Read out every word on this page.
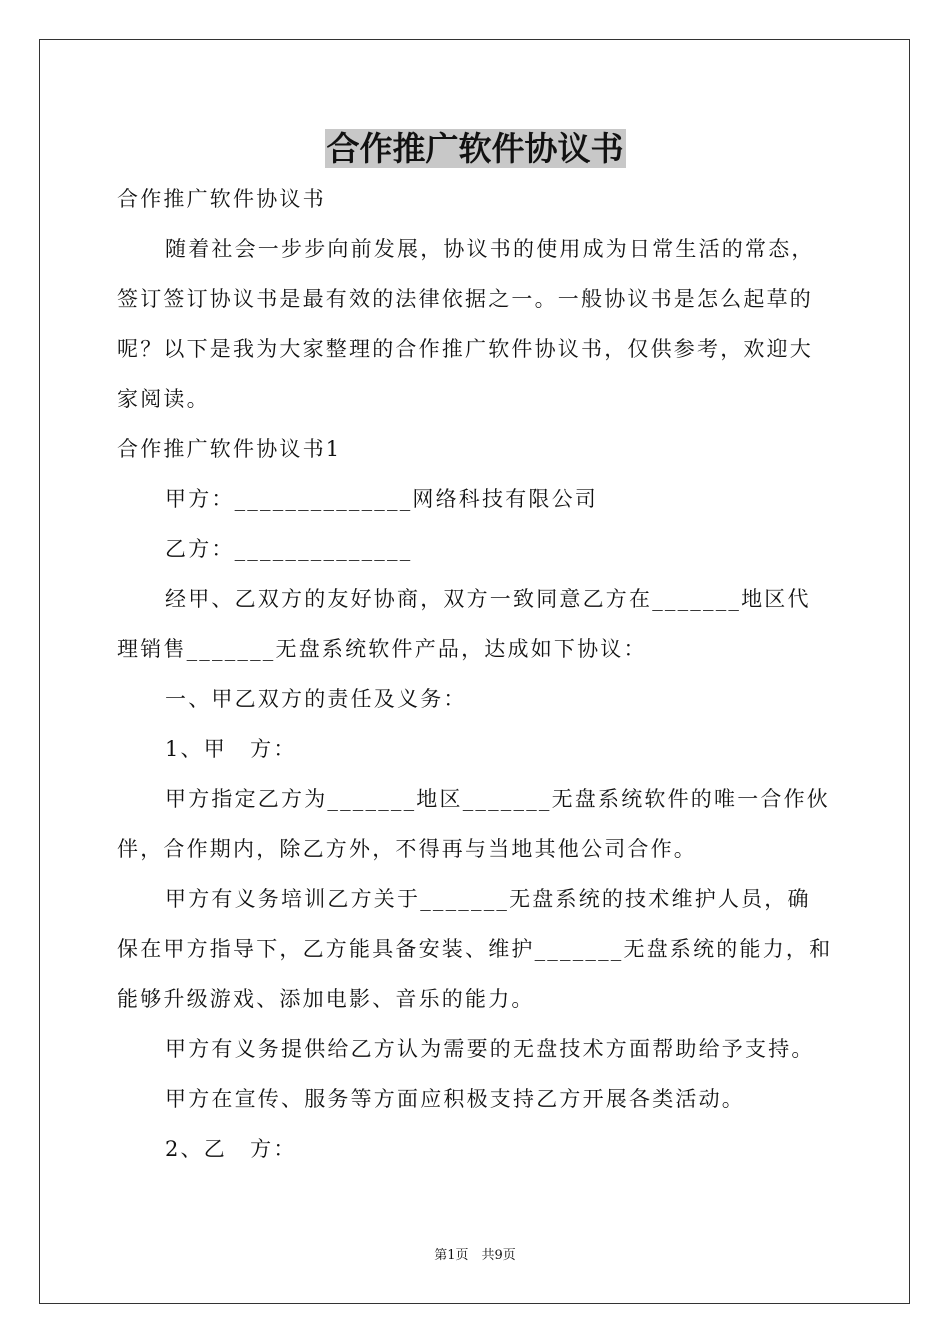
合作推广软件协议书

合作推广软件协议书

随着社会一步步向前发展，协议书的使用成为日常生活的常态，签订签订协议书是最有效的法律依据之一。一般协议书是怎么起草的呢？以下是我为大家整理的合作推广软件协议书，仅供参考，欢迎大家阅读。

合作推广软件协议书1

甲方：______________网络科技有限公司

乙方：______________

经甲、乙双方的友好协商，双方一致同意乙方在_______地区代理销售_______无盘系统软件产品，达成如下协议：

一、甲乙双方的责任及义务：

1、甲　方：

甲方指定乙方为_______地区_______无盘系统软件的唯一合作伙伴，合作期内，除乙方外，不得再与当地其他公司合作。

甲方有义务培训乙方关于_______无盘系统的技术维护人员，确保在甲方指导下，乙方能具备安装、维护_______无盘系统的能力，和能够升级游戏、添加电影、音乐的能力。

甲方有义务提供给乙方认为需要的无盘技术方面帮助给予支持。

甲方在宣传、服务等方面应积极支持乙方开展各类活动。

2、乙　方：

第1页　共9页
